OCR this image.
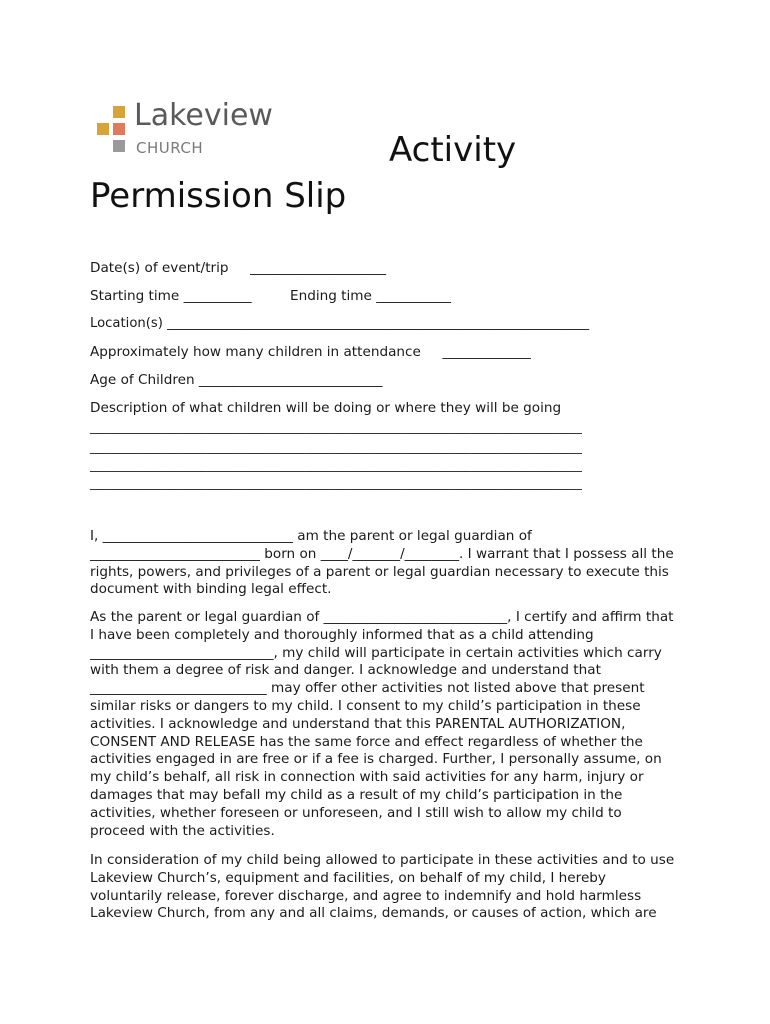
Lakeview
CHURCH	Activity
Permission Slip
Date(s) of event/trip     ____________________
Starting time __________	Ending time ___________
Location(s) ________________________________________________________________
Approximately how many children in attendance     _____________
Age of Children ___________________________
Description of what children will be doing or where they will be going
________________________________________________________________________________
________________________________________________________________________________
________________________________________________________________________________
________________________________________________________________________________

I, ____________________________ am the parent or legal guardian of _________________________ born on ____/_______/________. I warrant that I possess all the rights, powers, and privileges of a parent or legal guardian necessary to execute this document with binding legal effect.

As the parent or legal guardian of ___________________________, I certify and affirm that I have been completely and thoroughly informed that as a child attending ___________________________, my child will participate in certain activities which carry with them a degree of risk and danger. I acknowledge and understand that __________________________ may offer other activities not listed above that present similar risks or dangers to my child. I consent to my child’s participation in these activities. I acknowledge and understand that this PARENTAL AUTHORIZATION, CONSENT AND RELEASE has the same force and effect regardless of whether the activities engaged in are free or if a fee is charged. Further, I personally assume, on my child’s behalf, all risk in connection with said activities for any harm, injury or damages that may befall my child as a result of my child’s participation in the activities, whether foreseen or unforeseen, and I still wish to allow my child to proceed with the activities.

In consideration of my child being allowed to participate in these activities and to use Lakeview Church’s, equipment and facilities, on behalf of my child, I hereby voluntarily release, forever discharge, and agree to indemnify and hold harmless Lakeview Church, from any and all claims, demands, or causes of action, which are
